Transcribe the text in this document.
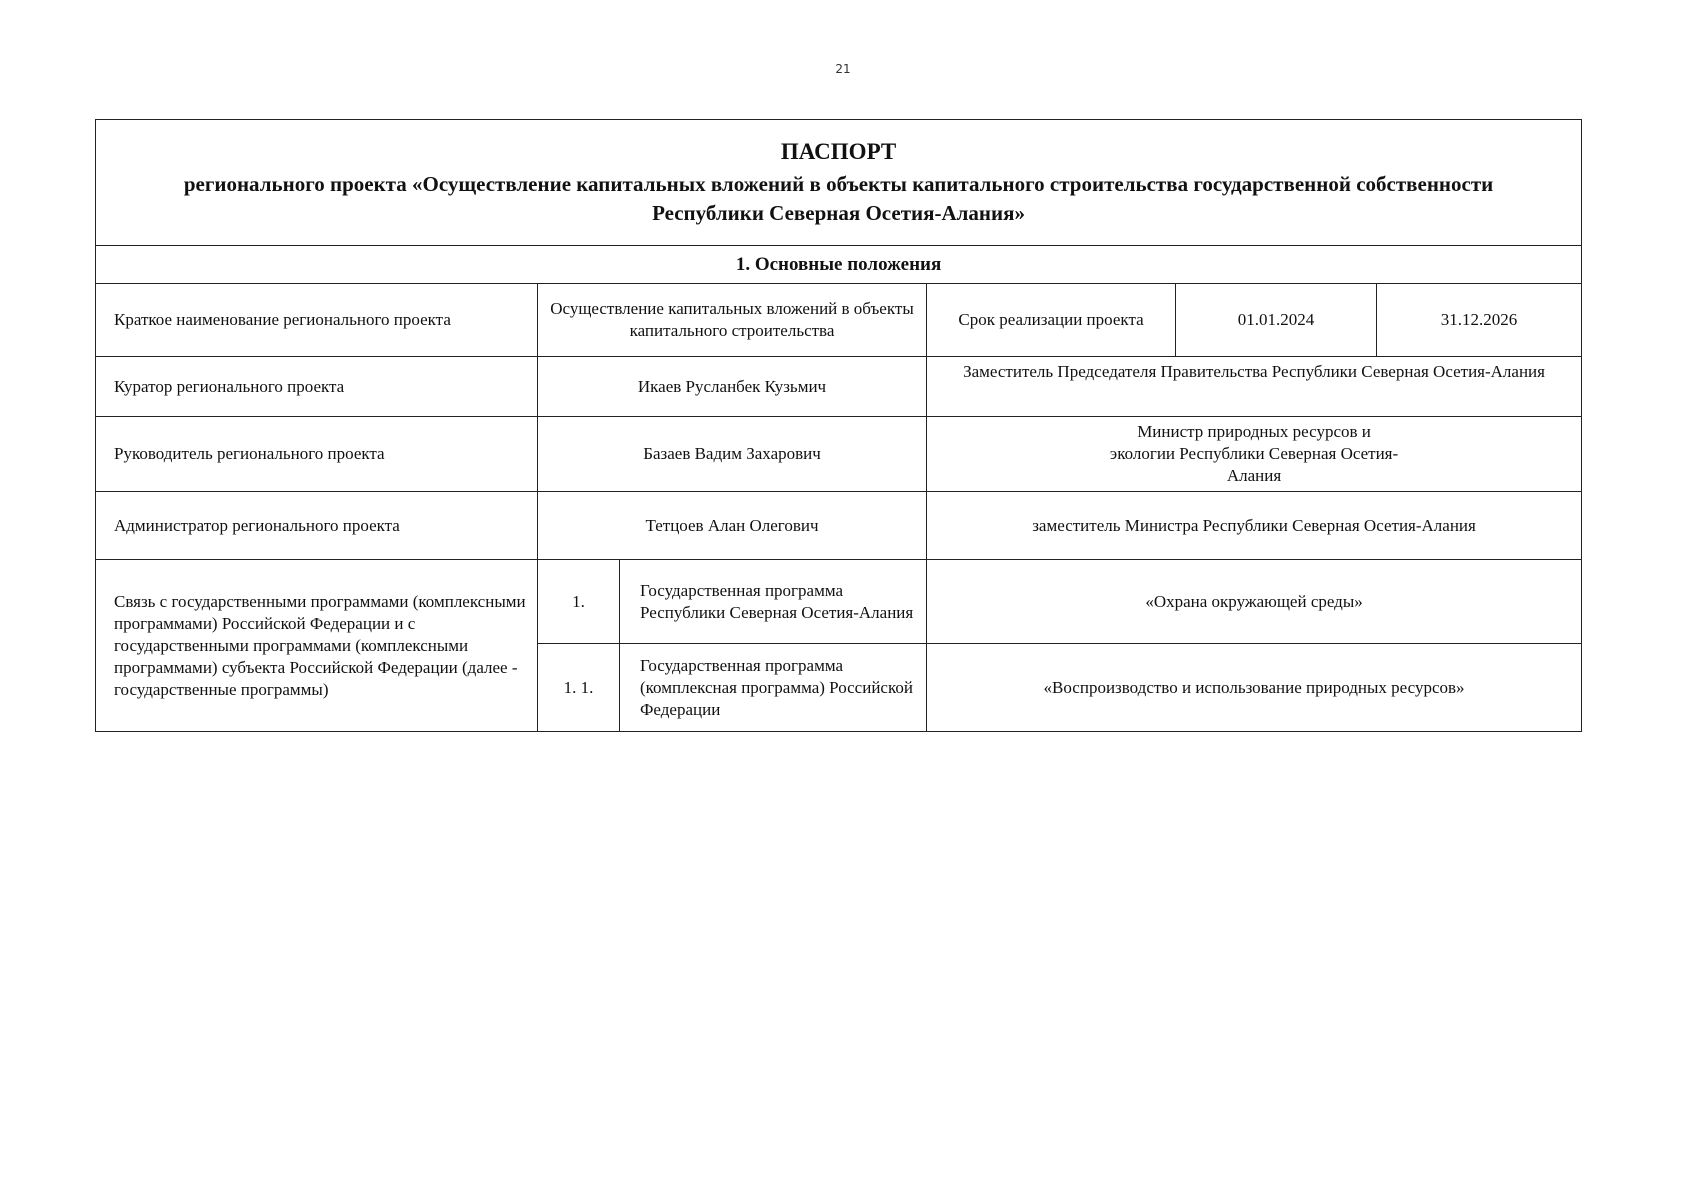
21
ПАСПОРТ
регионального проекта «Осуществление капитальных вложений в объекты капитального строительства государственной собственности Республики Северная Осетия-Алания»					

1. Основные положения					
Краткое наименование регионального проекта	Осуществление капитальных вложений в объекты капитального строительства		Срок реализации проекта	01.01.2024	31.12.2026
Куратор регионального проекта	Икаев Русланбек Кузьмич		Заместитель Председателя Правительства Республики Северная Осетия-Алания		
Руководитель регионального проекта	Базаев Вадим Захарович		Министр природных ресурсов и экологии Республики Северная Осетия-Алания		
Администратор регионального проекта	Тетцоев Алан Олегович		заместитель Министра Республики Северная Осетия-Алания		
Связь с государственными программами (комплексными программами) Российской Федерации и с государственными программами (комплексными программами) субъекта Российской Федерации (далее - государственные программы)	1.	Государственная программа Республики Северная Осетия-Алания	«Охрана окружающей среды»		
	1. 1.	Государственная программа (комплексная программа) Российской Федерации	«Воспроизводство и использование природных ресурсов»		
